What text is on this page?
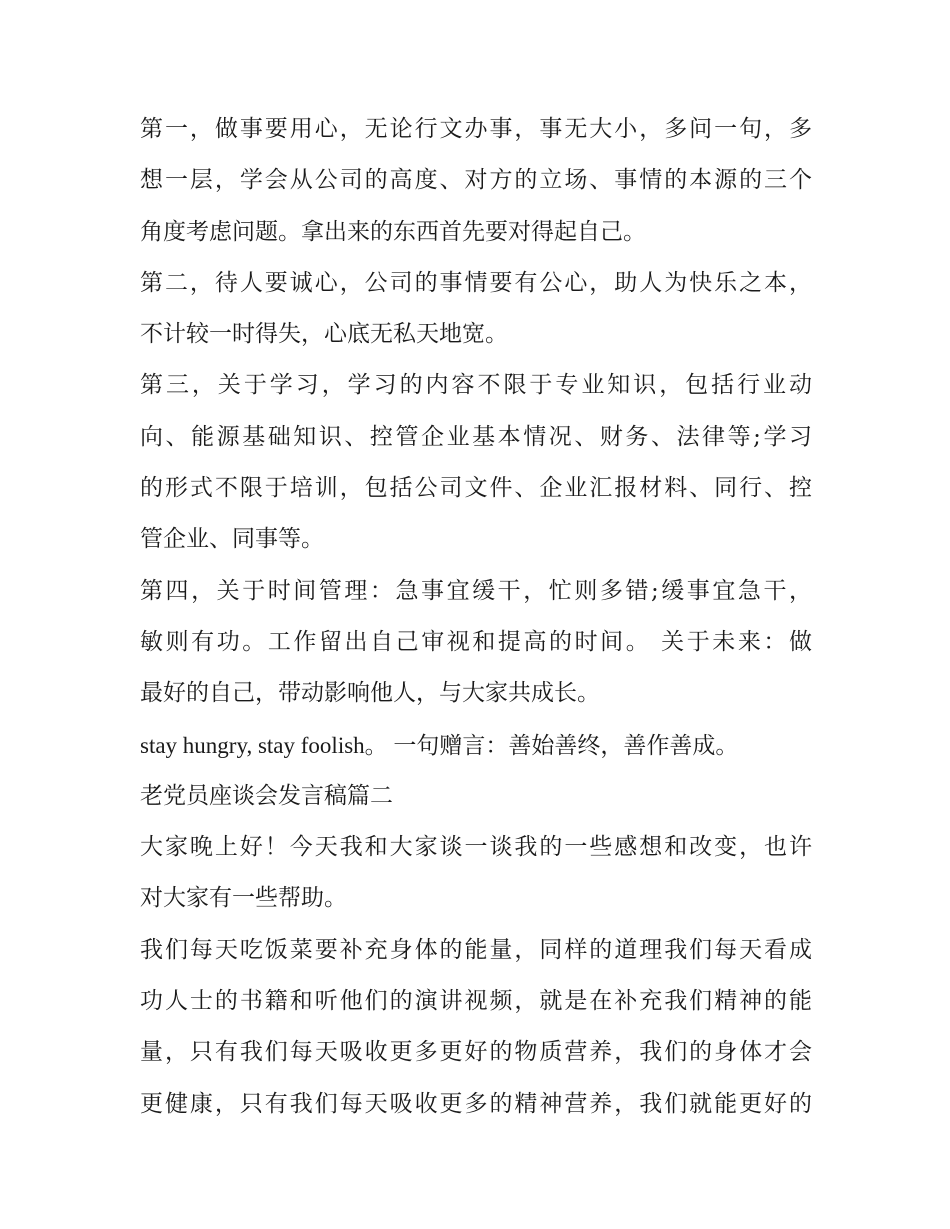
第一，做事要用心，无论行文办事，事无大小，多问一句，多
想一层，学会从公司的高度、对方的立场、事情的本源的三个
角度考虑问题。拿出来的东西首先要对得起自己。
第二，待人要诚心，公司的事情要有公心，助人为快乐之本，
不计较一时得失，心底无私天地宽。
第三，关于学习，学习的内容不限于专业知识，包括行业动
向、能源基础知识、控管企业基本情况、财务、法律等;学习
的形式不限于培训，包括公司文件、企业汇报材料、同行、控
管企业、同事等。
第四，关于时间管理：急事宜缓干，忙则多错;缓事宜急干，
敏则有功。工作留出自己审视和提高的时间。 关于未来：做
最好的自己，带动影响他人，与大家共成长。
stay hungry, stay foolish。 一句赠言：善始善终，善作善成。
老党员座谈会发言稿篇二
大家晚上好！今天我和大家谈一谈我的一些感想和改变，也许
对大家有一些帮助。
我们每天吃饭菜要补充身体的能量，同样的道理我们每天看成
功人士的书籍和听他们的演讲视频，就是在补充我们精神的能
量，只有我们每天吸收更多更好的物质营养，我们的身体才会
更健康，只有我们每天吸收更多的精神营养，我们就能更好的
